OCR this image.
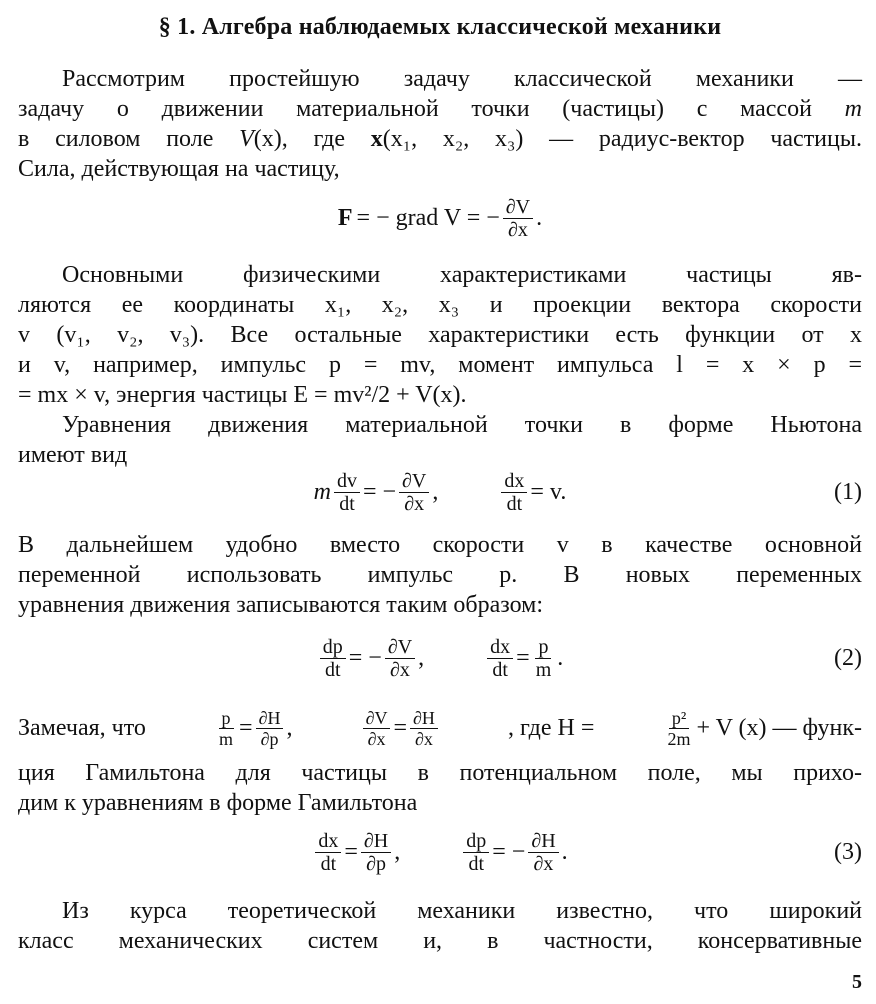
§ 1. Алгебра наблюдаемых классической механики
Рассмотрим простейшую задачу классической механики —
задачу о движении материальной точки (частицы) с массой m
в силовом поле V(x), где x(x₁, x₂, x₃) — радиус-вектор частицы.
Сила, действующая на частицу,
F = − grad V = − $\frac{\partial V}{\partial x}$ .
Основными физическими характеристиками частицы яв-
ляются ее координаты x₁, x₂, x₃ и проекции вектора скорости
v (v₁, v₂, v₃). Все остальные характеристики есть функции от x
и v, например, импульс p = mv, момент импульса l = x × p =
= mx × v, энергия частицы E = mv²/2 + V(x).
Уравнения движения материальной точки в форме Ньютона
имеют вид
m $\frac{dv}{dt}$ = − $\frac{\partial V}{\partial x}$ ,	$\frac{dx}{dt} = v$.	(1)
В дальнейшем удобно вместо скорости v в качестве основной
переменной использовать импульс p. В новых переменных
уравнения движения записываются таким образом:
$\frac{dp}{dt}$ = − $\frac{\partial V}{\partial x}$ ,	$\frac{dx}{dt} = \frac{p}{m}$ .	(2)
Замечая, что	$\frac{p}{m} = \frac{\partial H}{\partial p}$ ,	$\frac{\partial V}{\partial x} = \frac{\partial H}{\partial x}$	, где H =	$\frac{\text{p²}}{2m} + V$ (x) — функ-
ция Гамильтона для частицы в потенциальном поле, мы прихо-
дим к уравнениям в форме Гамильтона
$\frac{dx}{dt} = \frac{\partial H}{\partial p}$ ,	$\frac{dp}{dt}$ = − $\frac{\partial H}{\partial x}$ .	(3)
Из курса теоретической механики известно, что широкий
класс механических систем и, в частности, консервативные
5
